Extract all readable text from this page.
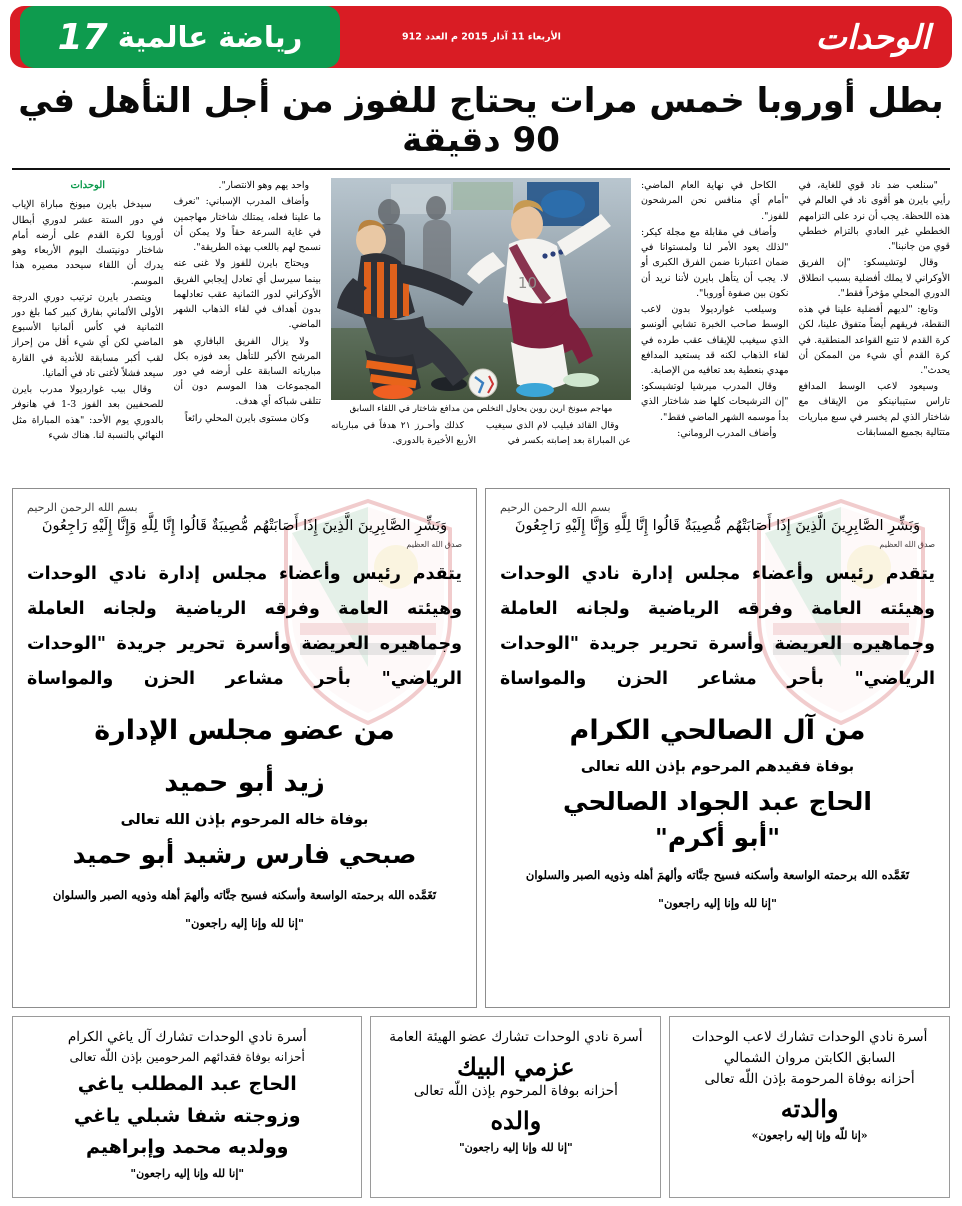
الوحدات
الأربعاء 11 آذار 2015 م العدد 912
رياضة عالمية
17
بطل أوروبا خمس مرات يحتاج للفوز من أجل التأهل في 90 دقيقة
الوحدات

سيدخل بايرن ميونخ مباراة الإياب في دور الستة عشر لدوري أبطال أوروبا لكرة القدم على أرضه أمام شاختار دونيتسك اليوم الأربعاء وهو يدرك أن اللقاء سيحدد مصيره هذا الموسم.

ويتصدر بايرن ترتيب دوري الدرجة الأولى الألماني بفارق كبير كما بلغ دور الثمانية في كأس ألمانيا الأسبوع الماضي لكن أي شيء أقل من إحراز لقب أكبر مسابقة للأندية في القارة سيعد فشلاً لأغنى ناد في ألمانيا.

وقال بيب غوارديولا مدرب بايرن للصحفيين بعد الفوز 3-1 في هانوفر بالدوري يوم الأحد: "هذه المباراة مثل النهائي بالنسبة لنا. هناك شيء

واحد يهم وهو الانتصار".

وأضاف المدرب الإسباني: "نعرف ما علينا فعله، يمتلك شاختار مهاجمين في غاية السرعة حقاً ولا يمكن أن نسمح لهم باللعب بهذه الطريقة".

ويحتاج بايرن للفوز ولا غنى عنه بينما سيرسل أي تعادل إيجابي الفريق الأوكراني لدور الثمانية عقب تعادلهما بدون أهداف في لقاء الذهاب الشهر الماضي.

ولا يزال الفريق البافاري هو المرشح الأكبر للتأهل بعد فوزه بكل مبارياته السابقة على أرضه في دور المجموعات هذا الموسم دون أن تتلقى شباكه أي هدف.

وكان مستوى بايرن المحلي رائعاً

10
مهاجم ميونخ ارين روبن يحاول التخلص من مدافع شاختار في اللقاء السابق

كذلك وأحـرز ٢١ هدفاً في مبارياته الأربع الأخيرة بالدوري.

وقال القائد فيليب لام الذي سيغيب عن المباراة بعد إصابته بكسر في

الكاحل في نهاية العام الماضي: "أمام أي منافس نحن المرشحون للفوز".

وأضاف في مقابلة مع مجلة كيكر: "لذلك يعود الأمر لنا ولمستوانا في ضمان اعتبارنا ضمن الفرق الكبرى أو لا. يجب أن يتأهل بايرن لأننا نريد أن نكون بين صفوة أوروبا".

وسيلعب غوارديولا بدون لاعب الوسط صاحب الخبرة تشابي ألونسو الذي سيغيب للإيقاف عقب طرده في لقاء الذهاب لكنه قد يستعيد المدافع مهدي بنعطية بعد تعافيه من الإصابة.

وقال المدرب ميرشيا لوتشيسكو: "إن الترشيحات كلها ضد شاختار الذي بدأ موسمه الشهر الماضي فقط".

وأضاف المدرب الروماني:

"سنلعب ضد ناد قوي للغاية، في رأيي بايرن هو أقوى ناد في العالم في هذه اللحظة. يجب أن نرد على التزامهم الخططي غير العادي بالتزام خططي قوي من جانبنا".

وقال لوتشيسكو: "إن الفريق الأوكراني لا يملك أفضلية بسبب انطلاق الدوري المحلي مؤخراً فقط".

وتابع: "لديهم أفضلية علينا في هذه النقطة، فريقهم أيضاً متفوق علينا، لكن كرة القدم لا تتبع القواعد المنطقية. في كرة القدم أي شيء من الممكن أن يحدث".

وسيعود لاعب الوسط المدافع تاراس ستيبانينكو من الإيقاف مع شاختار الذي لم يخسر في سبع مباريات متتالية بجميع المسابقات

بسم الله الرحمن الرحيم
وَبَشِّرِ الصَّابِرِينَ الَّذِينَ إِذَا أَصَابَتْهُم مُّصِيبَةٌ قَالُوا إِنَّا لِلَّهِ وَإِنَّا إِلَيْهِ رَاجِعُونَ
صدق الله العظيم
يتقدم رئيس وأعضاء مجلس إدارة نادي الوحدات وهيئته العامة وفرقه الرياضية ولجانه العاملة وجماهيره العريضة وأسرة تحرير جريدة "الوحدات الرياضي" بأحر مشاعر الحزن والمواساة
من عضو مجلس الإدارة
زيد أبو حميد
بوفاة خاله المرحوم بإذن الله تعالى
صبحي فارس رشيد أبو حميد
تَغَمَّده الله برحمته الواسعة وأسكنه فسيح جنَّاته وألهمَ أهله وذويه الصبر والسلوان
"إنا لله وإنا إليه راجعون"
بسم الله الرحمن الرحيم
وَبَشِّرِ الصَّابِرِينَ الَّذِينَ إِذَا أَصَابَتْهُم مُّصِيبَةٌ قَالُوا إِنَّا لِلَّهِ وَإِنَّا إِلَيْهِ رَاجِعُونَ
صدق الله العظيم
يتقدم رئيس وأعضاء مجلس إدارة نادي الوحدات وهيئته العامة وفرقه الرياضية ولجانه العاملة وجماهيره العريضة وأسرة تحرير جريدة "الوحدات الرياضي" بأحر مشاعر الحزن والمواساة
من آل الصالحي الكرام
بوفاة فقيدهم المرحوم بإذن الله تعالى
الحاج عبد الجواد الصالحي
"أبو أكرم"
تَغَمَّده الله برحمته الواسعة وأسكنه فسيح جنَّاته وألهمَ أهله وذويه الصبر والسلوان
"إنا لله وإنا إليه راجعون"
أسرة نادي الوحدات تشارك آل ياغي الكرام
أحزانه بوفاة فقدائهم المرحومين بإذن اللّه تعالى
الحاج عبد المطلب ياغي
وزوجته شفا شبلي ياغي
وولديه محمد وإبراهيم
"إنا لله وإنا إليه راجعون"
أسرة نادي الوحدات تشارك عضو الهيئة العامة
عزمي البيك
أحزانه بوفاة المرحوم بإذن اللّه تعالى
والده
"إنا لله وإنا إليه راجعون"
أسرة نادي الوحدات تشارك لاعب الوحدات السابق الكابتن مروان الشمالي
أحزانه بوفاة المرحومة بإذن اللّه تعالى
والدته
«إنا للّه وإنا إليه راجعون»
